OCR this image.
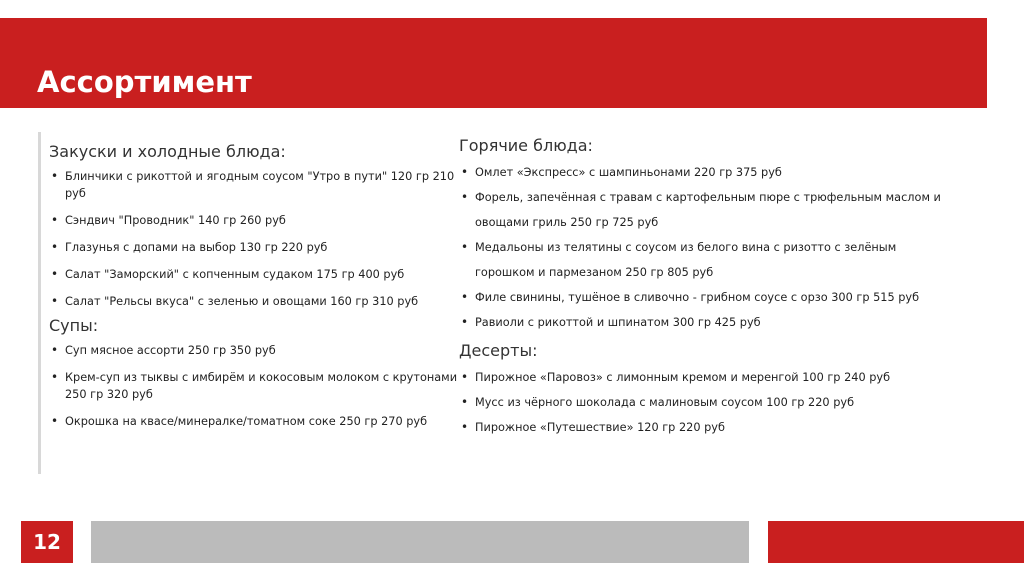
Ассортимент
Закуски и холодные блюда:
• Блинчики с рикоттой и ягодным соусом "Утро в пути" 120 гр 210 руб
• Сэндвич "Проводник" 140 гр 260 руб
• Глазунья с допами на выбор 130 гр 220 руб
• Салат "Заморский" с копченным судаком 175 гр 400 руб
• Салат "Рельсы вкуса" с зеленью и овощами 160 гр 310 руб
Супы:
• Суп мясное ассорти 250 гр 350 руб
• Крем-суп из тыквы с имбирём и кокосовым молоком с крутонами 250 гр 320 руб
• Окрошка на квасе/минералке/томатном соке 250 гр 270 руб
Горячие блюда:
• Омлет «Экспресс» с шампиньонами 220 гр 375 руб
• Форель, запечённая с травам с картофельным пюре с трюфельным маслом и овощами гриль 250 гр 725 руб
• Медальоны из телятины с соусом из белого вина с ризотто с зелёным горошком и пармезаном 250 гр 805 руб
• Филе свинины, тушёное в сливочно - грибном соусе с орзо 300 гр 515 руб
• Равиоли с рикоттой и шпинатом 300 гр 425 руб
Десерты:
• Пирожное «Паровоз» с лимонным кремом и меренгой 100 гр 240 руб
• Мусс из чёрного шоколада с малиновым соусом 100 гр 220 руб
• Пирожное «Путешествие» 120 гр 220 руб
12
